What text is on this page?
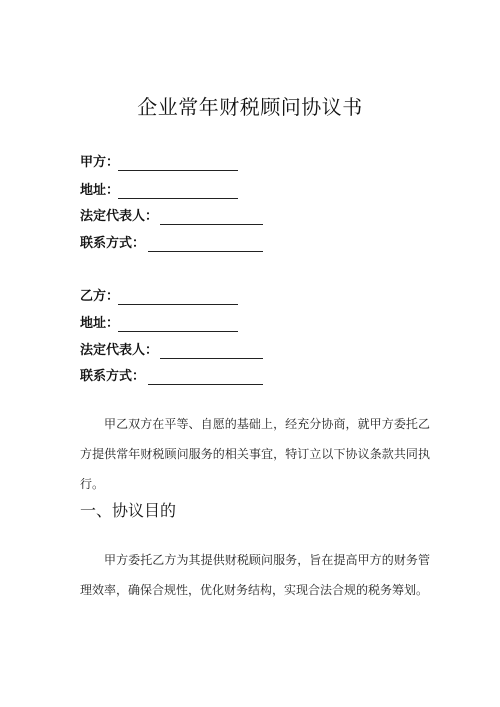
企业常年财税顾问协议书
甲方：
地址：
法定代表人：
联系方式：
乙方：
地址：
法定代表人：
联系方式：
甲乙双方在平等、自愿的基础上，经充分协商，就甲方委托乙方提供常年财税顾问服务的相关事宜，特订立以下协议条款共同执行。
一、协议目的
甲方委托乙方为其提供财税顾问服务，旨在提高甲方的财务管理效率，确保合规性，优化财务结构，实现合法合规的税务筹划。
